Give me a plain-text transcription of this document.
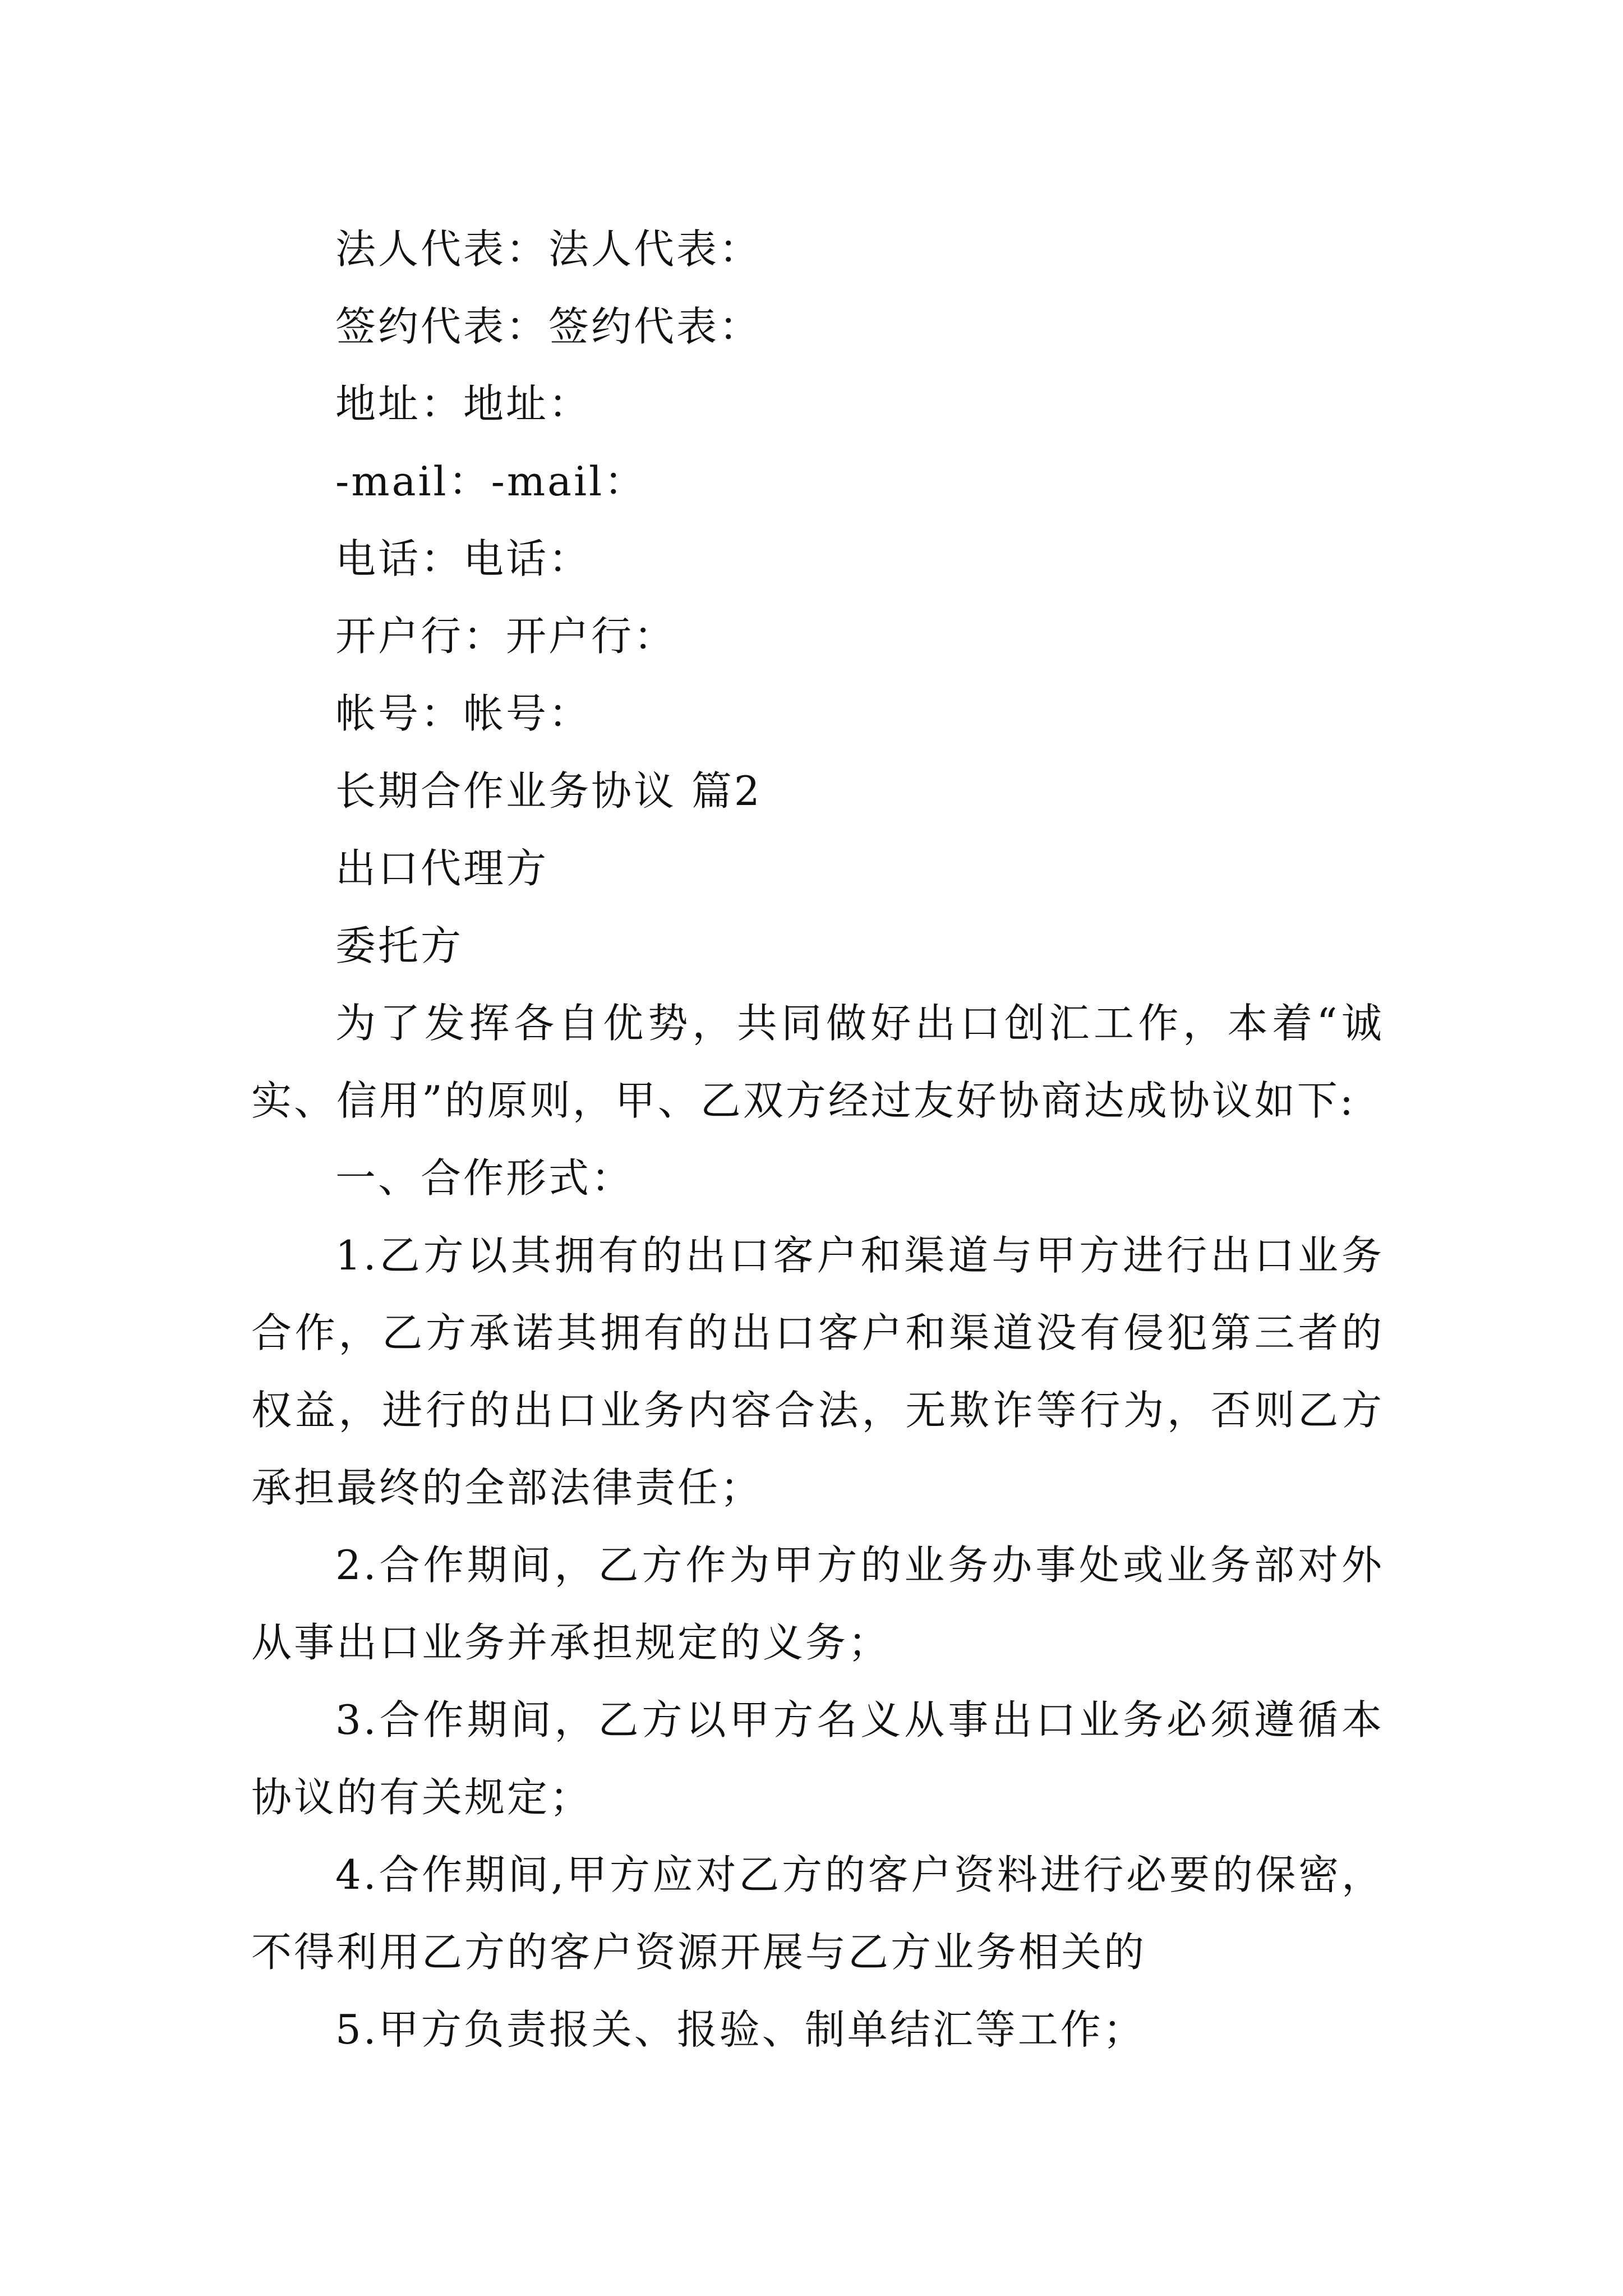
法人代表：法人代表：

签约代表：签约代表：

地址：地址：

-mail：-mail：

电话：电话：

开户行：开户行：

帐号：帐号：

长期合作业务协议 篇2

出口代理方

委托方

为了发挥各自优势，共同做好出口创汇工作，本着“诚实、信用”的原则，甲、乙双方经过友好协商达成协议如下:

一、合作形式：

1.乙方以其拥有的出口客户和渠道与甲方进行出口业务合作，乙方承诺其拥有的出口客户和渠道没有侵犯第三者的权益，进行的出口业务内容合法，无欺诈等行为，否则乙方承担最终的全部法律责任；

2.合作期间，乙方作为甲方的业务办事处或业务部对外从事出口业务并承担规定的义务；

3.合作期间，乙方以甲方名义从事出口业务必须遵循本协议的有关规定；

4.合作期间,甲方应对乙方的客户资料进行必要的保密，不得利用乙方的客户资源开展与乙方业务相关的

5.甲方负责报关、报验、制单结汇等工作；
